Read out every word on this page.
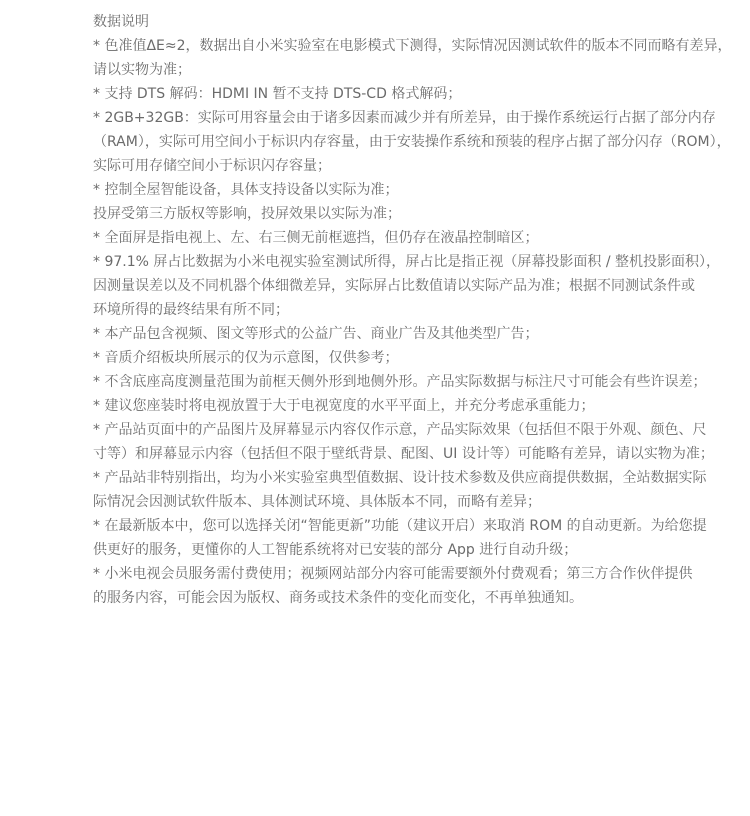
数据说明
* 色准值ΔE≈2，数据出自小米实验室在电影模式下测得，实际情况因测试软件的版本不同而略有差异，
请以实物为准；
* 支持 DTS 解码：HDMI IN 暂不支持 DTS-CD 格式解码；
* 2GB+32GB：实际可用容量会由于诸多因素而减少并有所差异，由于操作系统运行占据了部分内存
（RAM），实际可用空间小于标识内存容量，由于安装操作系统和预装的程序占据了部分闪存（ROM），
实际可用存储空间小于标识闪存容量；
* 控制全屋智能设备，具体支持设备以实际为准；
投屏受第三方版权等影响，投屏效果以实际为准；
* 全面屏是指电视上、左、右三侧无前框遮挡，但仍存在液晶控制暗区；
* 97.1% 屏占比数据为小米电视实验室测试所得，屏占比是指正视（屏幕投影面积 / 整机投影面积），
因测量误差以及不同机器个体细微差异，实际屏占比数值请以实际产品为准；根据不同测试条件或
环境所得的最终结果有所不同；
* 本产品包含视频、图文等形式的公益广告、商业广告及其他类型广告；
* 音质介绍板块所展示的仅为示意图，仅供参考；
* 不含底座高度测量范围为前框天侧外形到地侧外形。产品实际数据与标注尺寸可能会有些许误差；
* 建议您座装时将电视放置于大于电视宽度的水平平面上，并充分考虑承重能力；
* 产品站页面中的产品图片及屏幕显示内容仅作示意，产品实际效果（包括但不限于外观、颜色、尺
寸等）和屏幕显示内容（包括但不限于壁纸背景、配图、UI 设计等）可能略有差异，请以实物为准；
* 产品站非特别指出，均为小米实验室典型值数据、设计技术参数及供应商提供数据，全站数据实际
际情况会因测试软件版本、具体测试环境、具体版本不同，而略有差异；
* 在最新版本中，您可以选择关闭“智能更新”功能（建议开启）来取消 ROM 的自动更新。为给您提
供更好的服务，更懂你的人工智能系统将对已安装的部分 App 进行自动升级；
* 小米电视会员服务需付费使用；视频网站部分内容可能需要额外付费观看；第三方合作伙伴提供
的服务内容，可能会因为版权、商务或技术条件的变化而变化，不再单独通知。
